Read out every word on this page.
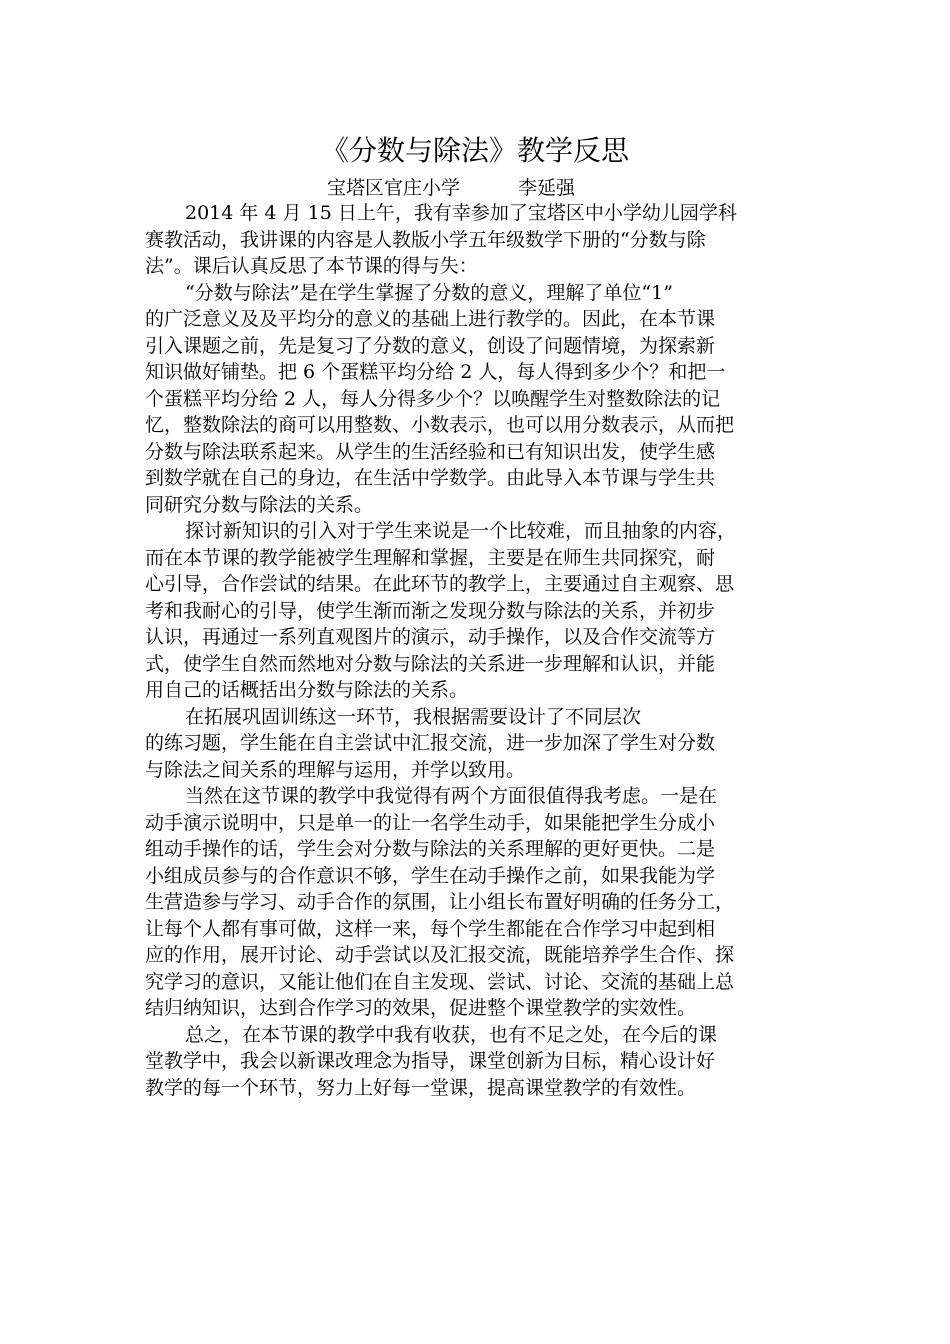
《分数与除法》教学反思
宝塔区官庄小学	李延强

2014 年 4 月 15 日上午，我有幸参加了宝塔区中小学幼儿园学科
赛教活动，我讲课的内容是人教版小学五年级数学下册的“分数与除
法”。课后认真反思了本节课的得与失：

“分数与除法”是在学生掌握了分数的意义，理解了单位“1”
的广泛意义及及平均分的意义的基础上进行教学的。因此，在本节课
引入课题之前，先是复习了分数的意义，创设了问题情境，为探索新
知识做好铺垫。把 6 个蛋糕平均分给 2 人，每人得到多少个？和把一
个蛋糕平均分给 2 人，每人分得多少个？以唤醒学生对整数除法的记
忆，整数除法的商可以用整数、小数表示，也可以用分数表示，从而把
分数与除法联系起来。从学生的生活经验和已有知识出发，使学生感
到数学就在自己的身边，在生活中学数学。由此导入本节课与学生共
同研究分数与除法的关系。

探讨新知识的引入对于学生来说是一个比较难，而且抽象的内容，
而在本节课的教学能被学生理解和掌握，主要是在师生共同探究，耐
心引导，合作尝试的结果。在此环节的教学上，主要通过自主观察、思
考和我耐心的引导，使学生渐而渐之发现分数与除法的关系，并初步
认识，再通过一系列直观图片的演示，动手操作，以及合作交流等方
式，使学生自然而然地对分数与除法的关系进一步理解和认识，并能
用自己的话概括出分数与除法的关系。

在拓展巩固训练这一环节，我根据需要设计了不同层次
的练习题，学生能在自主尝试中汇报交流，进一步加深了学生对分数
与除法之间关系的理解与运用，并学以致用。

当然在这节课的教学中我觉得有两个方面很值得我考虑。一是在
动手演示说明中，只是单一的让一名学生动手，如果能把学生分成小
组动手操作的话，学生会对分数与除法的关系理解的更好更快。二是
小组成员参与的合作意识不够，学生在动手操作之前，如果我能为学
生营造参与学习、动手合作的氛围，让小组长布置好明确的任务分工，
让每个人都有事可做，这样一来，每个学生都能在合作学习中起到相
应的作用，展开讨论、动手尝试以及汇报交流，既能培养学生合作、探
究学习的意识，又能让他们在自主发现、尝试、讨论、交流的基础上总
结归纳知识，达到合作学习的效果，促进整个课堂教学的实效性。

总之，在本节课的教学中我有收获，也有不足之处，在今后的课
堂教学中，我会以新课改理念为指导，课堂创新为目标，精心设计好
教学的每一个环节，努力上好每一堂课，提高课堂教学的有效性。
